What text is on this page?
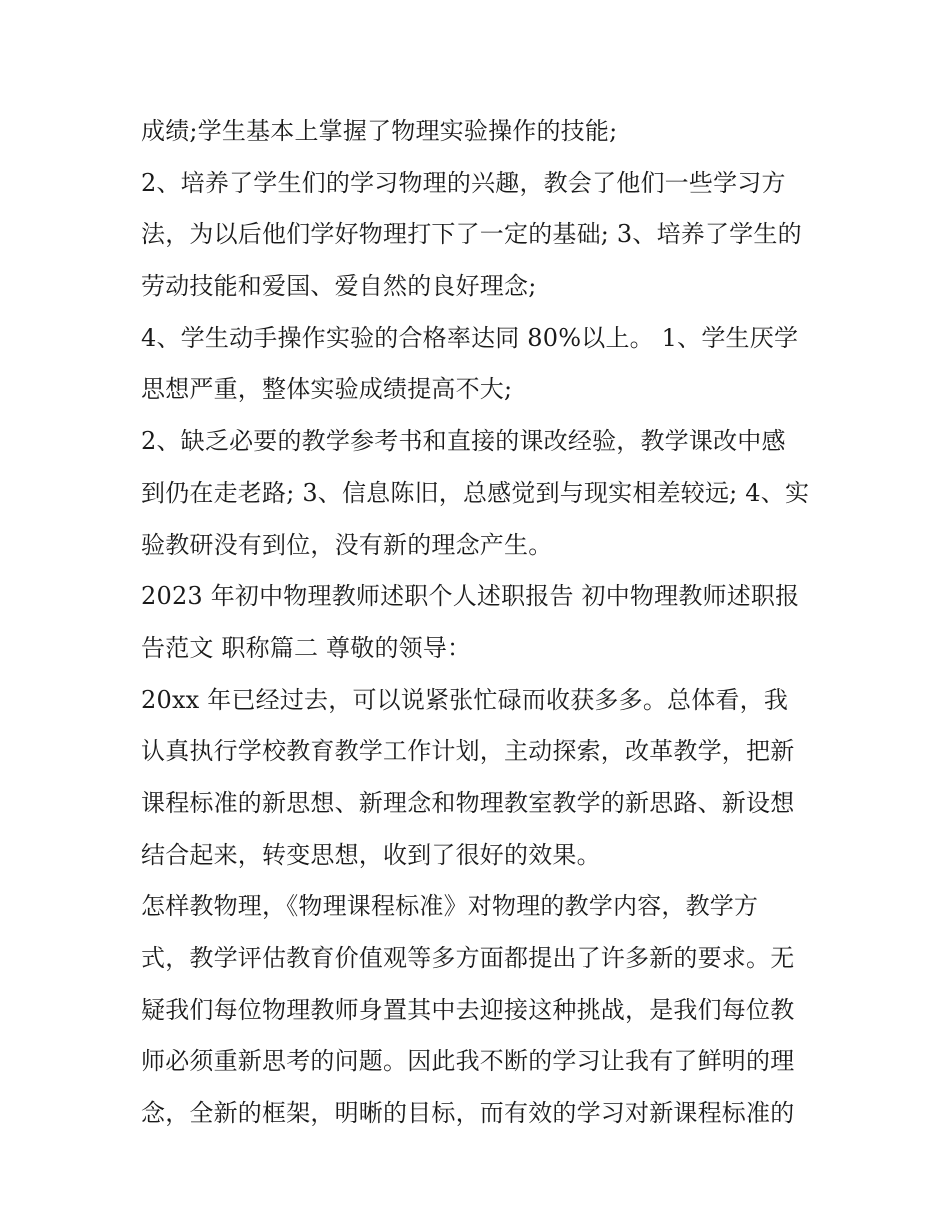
成绩;学生基本上掌握了物理实验操作的技能;
2、培养了学生们的学习物理的兴趣，教会了他们一些学习方
法，为以后他们学好物理打下了一定的基础; 3、培养了学生的
劳动技能和爱国、爱自然的良好理念;
4、学生动手操作实验的合格率达同 80%以上。 1、学生厌学
思想严重，整体实验成绩提高不大;
2、缺乏必要的教学参考书和直接的课改经验，教学课改中感
到仍在走老路; 3、信息陈旧，总感觉到与现实相差较远; 4、实
验教研没有到位，没有新的理念产生。
2023 年初中物理教师述职个人述职报告 初中物理教师述职报
告范文 职称篇二 尊敬的领导：
20xx 年已经过去，可以说紧张忙碌而收获多多。总体看，我
认真执行学校教育教学工作计划，主动探索，改革教学，把新
课程标准的新思想、新理念和物理教室教学的新思路、新设想
结合起来，转变思想，收到了很好的效果。
怎样教物理，《物理课程标准》对物理的教学内容，教学方
式，教学评估教育价值观等多方面都提出了许多新的要求。无
疑我们每位物理教师身置其中去迎接这种挑战，是我们每位教
师必须重新思考的问题。因此我不断的学习让我有了鲜明的理
念，全新的框架，明晰的目标，而有效的学习对新课程标准的
